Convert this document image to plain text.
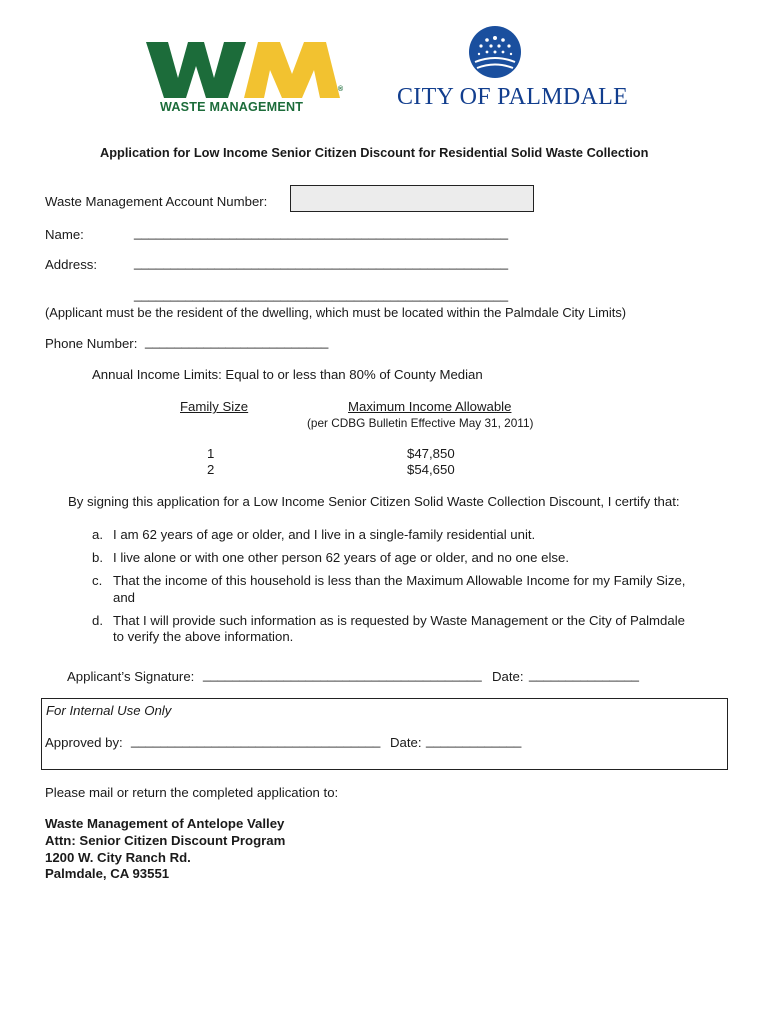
®
WASTE MANAGEMENT	CITY OF PALMDALE
Application for Low Income Senior Citizen Discount for Residential Solid Waste Collection
Waste Management Account Number:
Name:	___________________________________________________
Address:	___________________________________________________
___________________________________________________
(Applicant must be the resident of the dwelling, which must be located within the Palmdale City Limits)
Phone Number: _________________________
Annual Income Limits: Equal to or less than 80% of County Median
Family Size	Maximum Income Allowable
(per CDBG Bulletin Effective May 31, 2011)
1	$47,850
2	$54,650
By signing this application for a Low Income Senior Citizen Solid Waste Collection Discount, I certify that:
a. I am 62 years of age or older, and I live in a single-family residential unit.
b. I live alone or with one other person 62 years of age or older, and no one else.
c. That the income of this household is less than the Maximum Allowable Income for my Family Size,
and
d. That I will provide such information as is requested by Waste Management or the City of Palmdale
to verify the above information.
Applicant’s Signature: ______________________________________ Date: _______________
For Internal Use Only
Approved by: __________________________________ Date: _____________
Please mail or return the completed application to:
Waste Management of Antelope Valley
Attn: Senior Citizen Discount Program
1200 W. City Ranch Rd.
Palmdale, CA 93551
